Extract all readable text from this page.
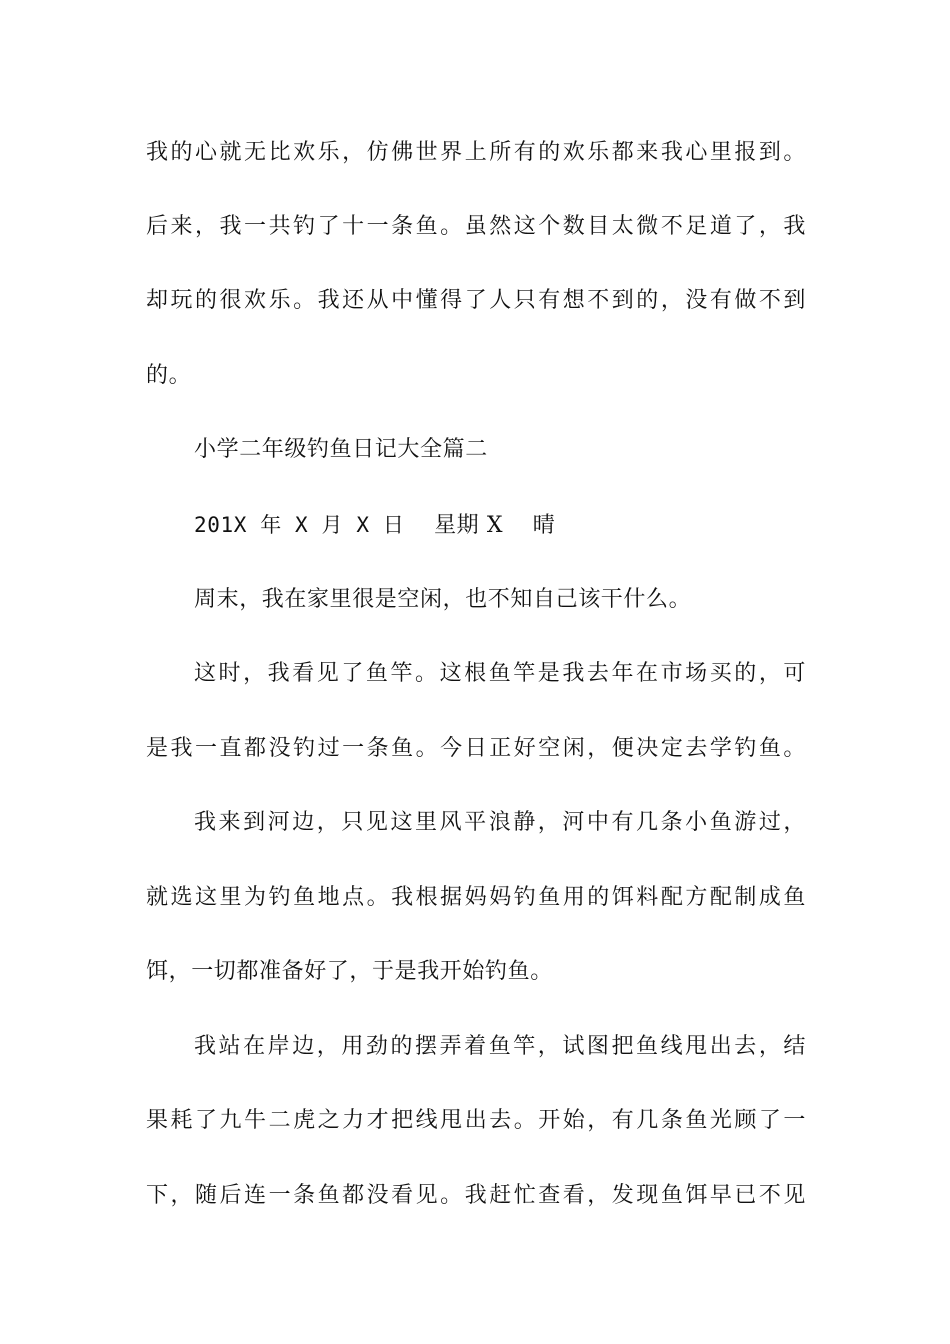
我的心就无比欢乐，仿佛世界上所有的欢乐都来我心里报到。
后来，我一共钓了十一条鱼。虽然这个数目太微不足道了，我
却玩的很欢乐。我还从中懂得了人只有想不到的，没有做不到
的。
小学二年级钓鱼日记大全篇二
201X 年 X 月 X 日 星期 X 晴
周末，我在家里很是空闲，也不知自己该干什么。
这时，我看见了鱼竿。这根鱼竿是我去年在市场买的，可
是我一直都没钓过一条鱼。今日正好空闲，便决定去学钓鱼。
我来到河边，只见这里风平浪静，河中有几条小鱼游过，
就选这里为钓鱼地点。我根据妈妈钓鱼用的饵料配方配制成鱼
饵，一切都准备好了，于是我开始钓鱼。
我站在岸边，用劲的摆弄着鱼竿，试图把鱼线甩出去，结
果耗了九牛二虎之力才把线甩出去。开始，有几条鱼光顾了一
下，随后连一条鱼都没看见。我赶忙查看，发现鱼饵早已不见
